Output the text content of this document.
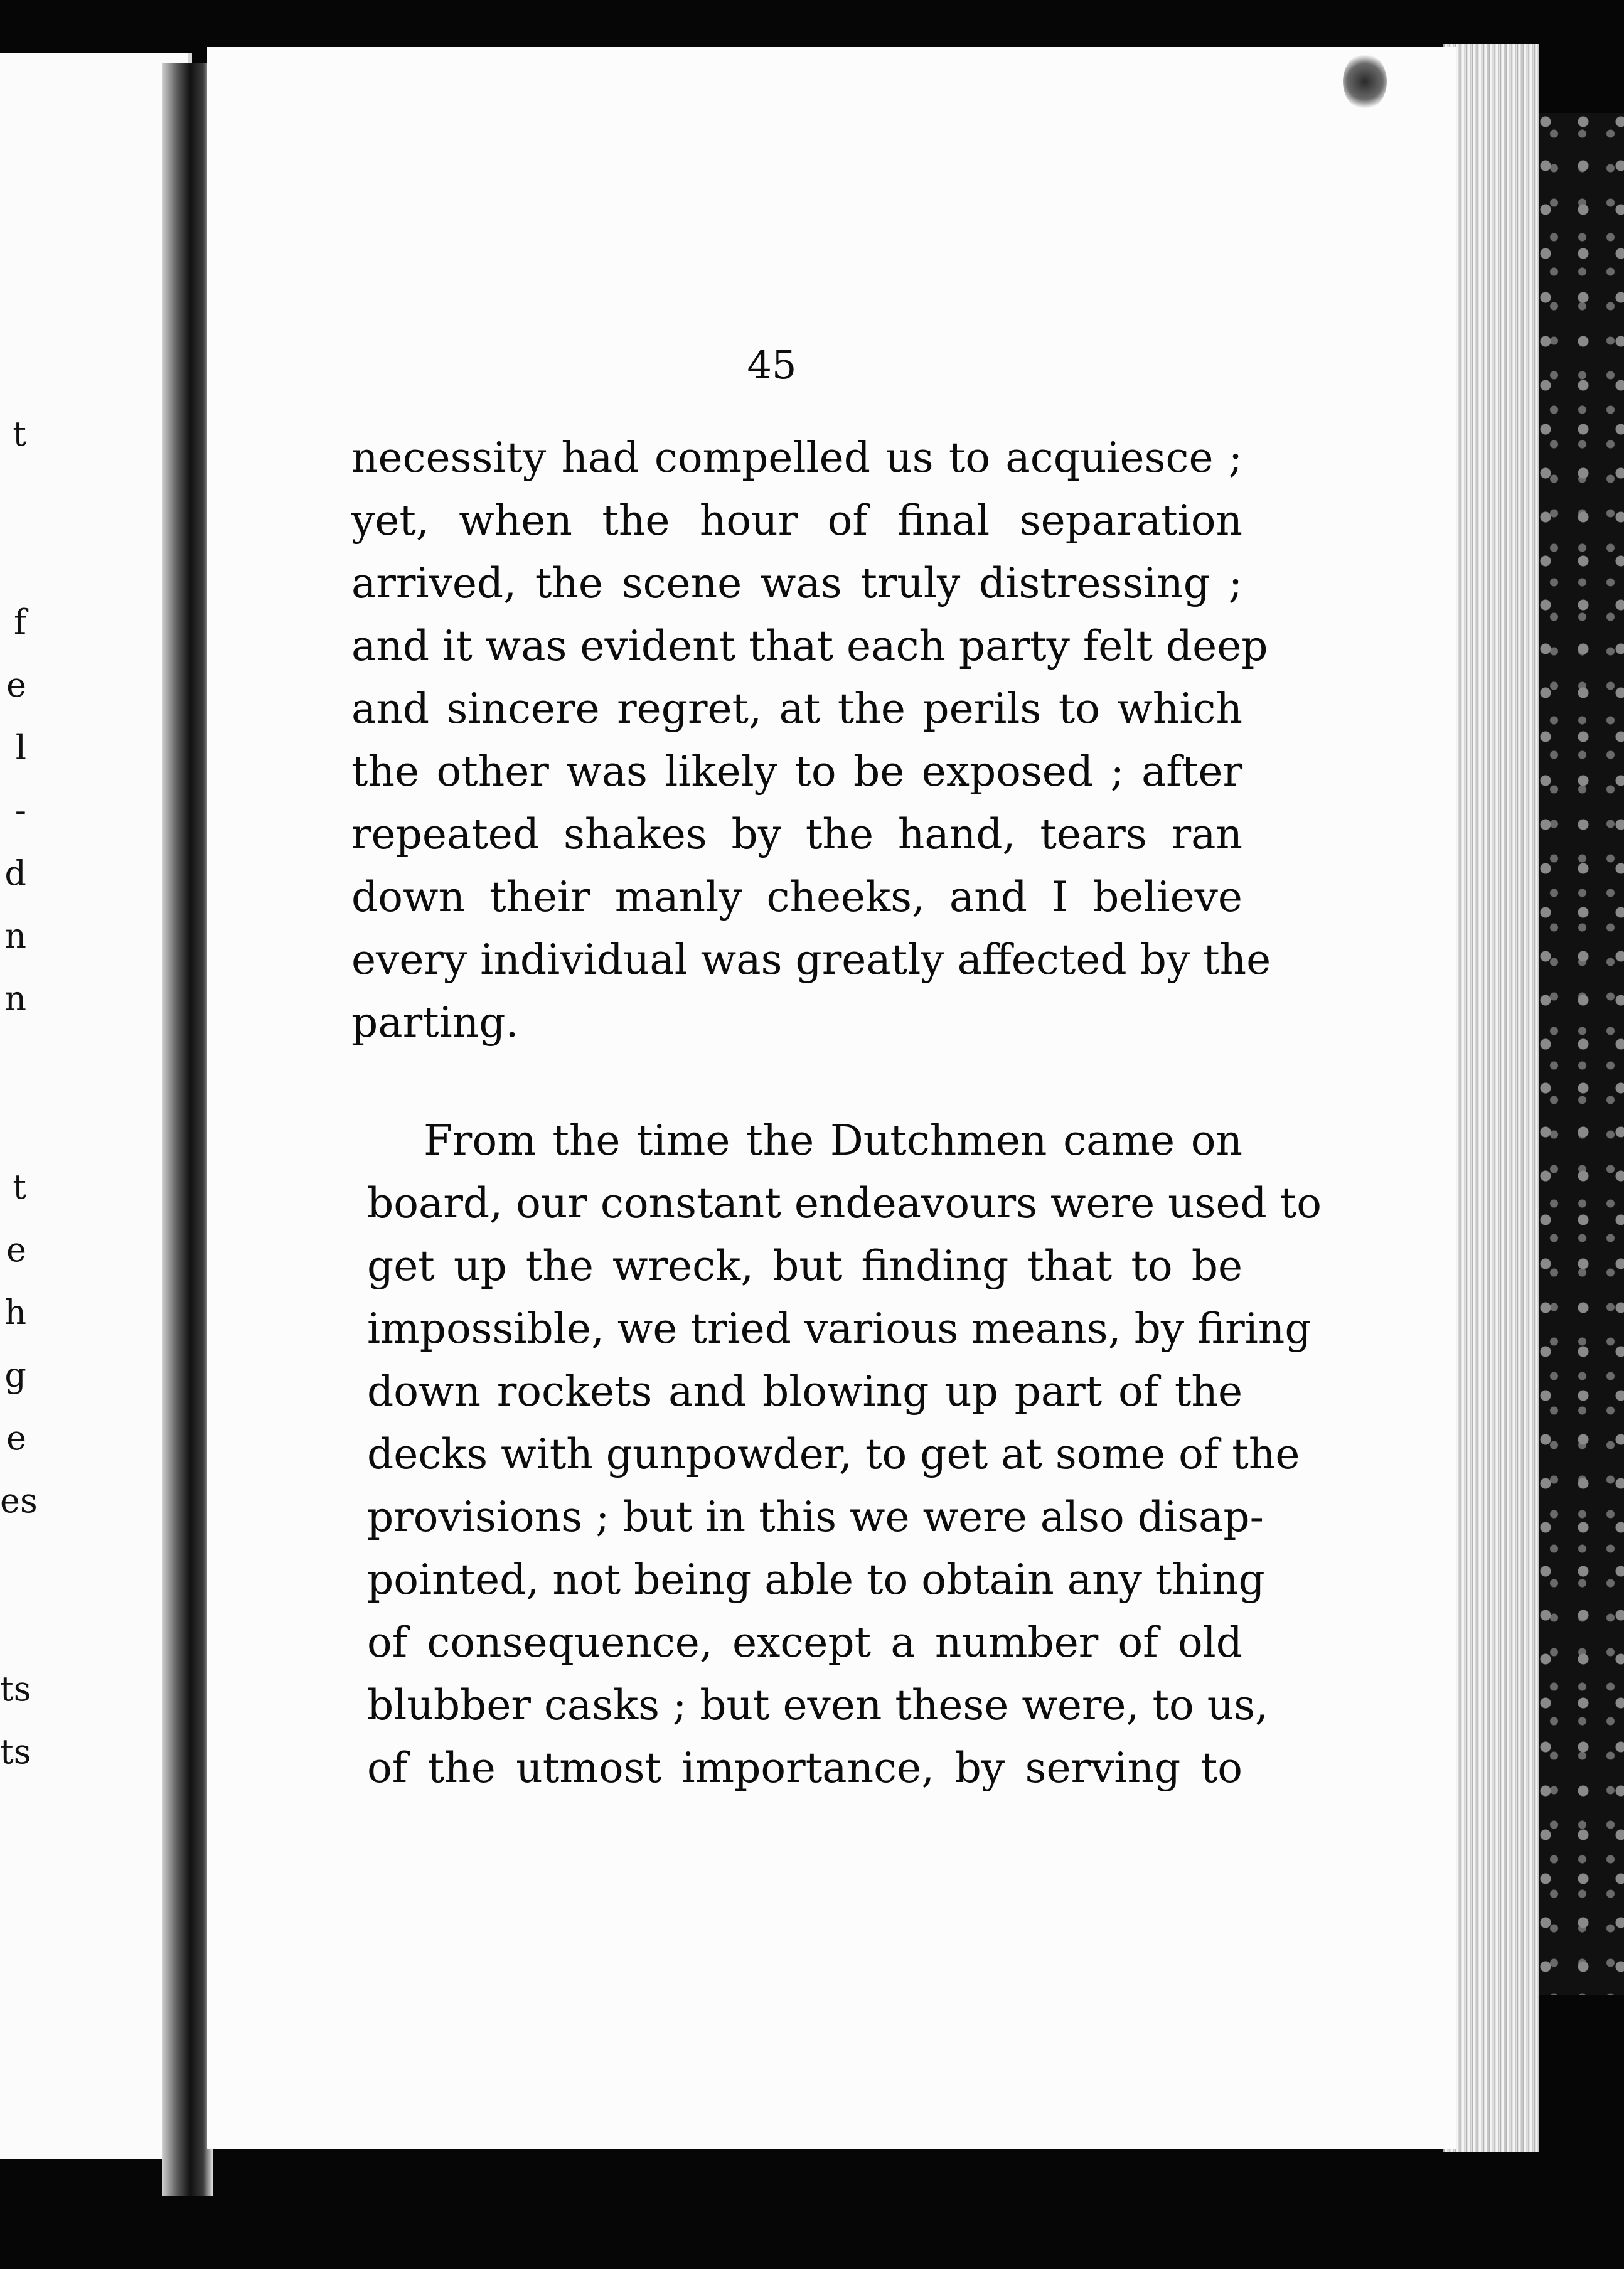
t
f
e
l
-
d
n
n
t
e
h
g
e
es
ts
ts
45
necessity had compelled us to acquiesce ;
yet, when the hour of final separation
arrived, the scene was truly distressing ;
and it was evident that each party felt deep
and sincere regret, at the perils to which
the other was likely to be exposed ; after
repeated shakes by the hand, tears ran
down their manly cheeks, and I believe
every individual was greatly affected by the
parting.
From the time the Dutchmen came on
board, our constant endeavours were used to
get up the wreck, but finding that to be
impossible, we tried various means, by firing
down rockets and blowing up part of the
decks with gunpowder, to get at some of the
provisions ; but in this we were also disap-
pointed, not being able to obtain any thing
of consequence, except a number of old
blubber casks ; but even these were, to us,
of the utmost importance, by serving to
